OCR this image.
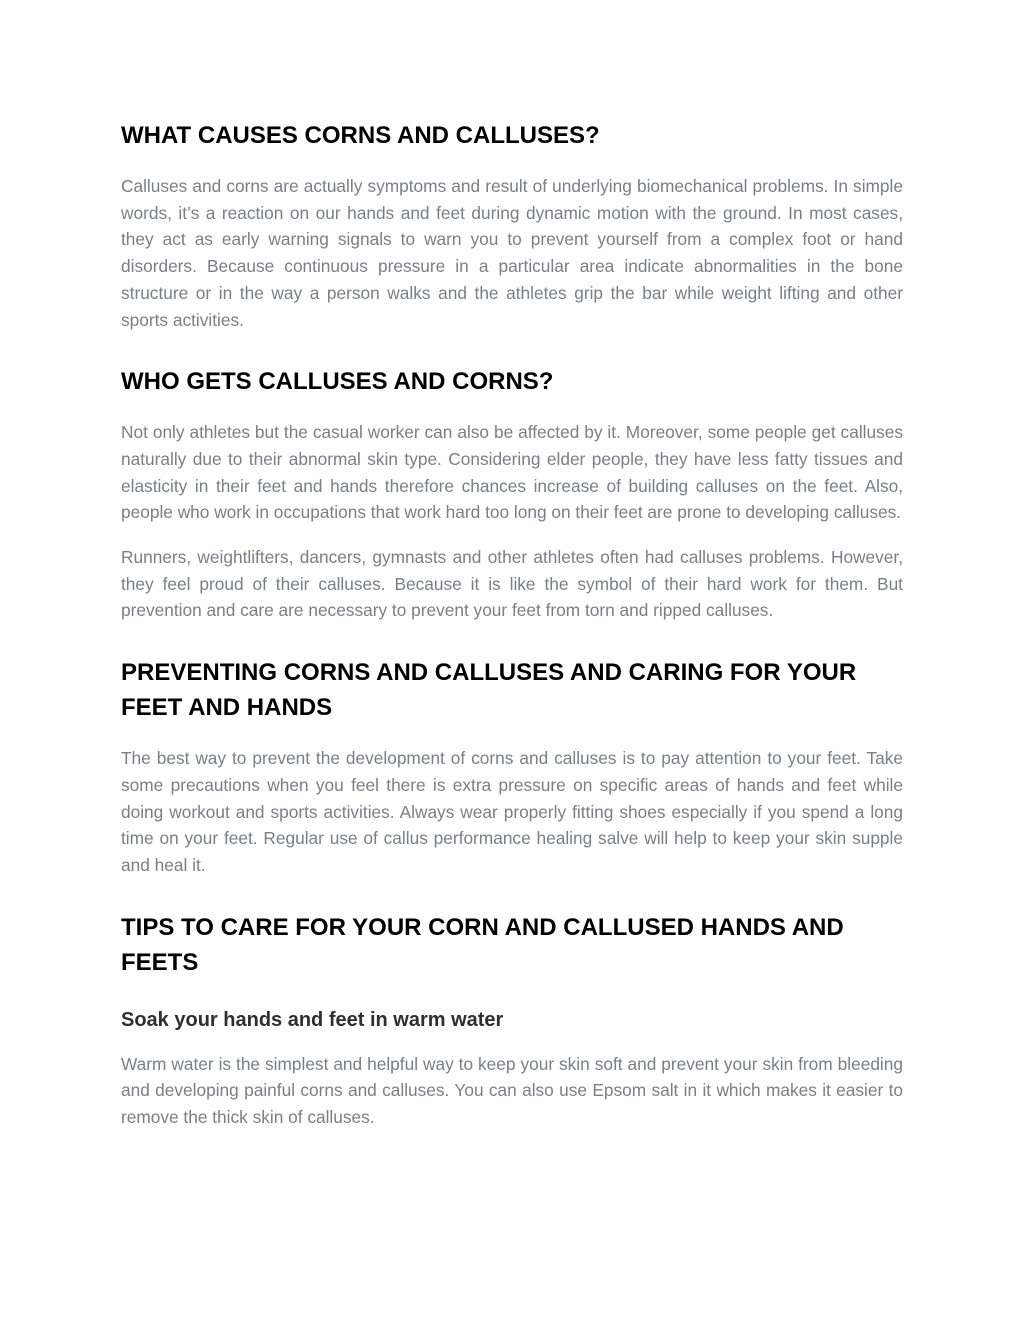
WHAT CAUSES CORNS AND CALLUSES?

Calluses and corns are actually symptoms and result of underlying biomechanical problems. In simple words, it’s a reaction on our hands and feet during dynamic motion with the ground. In most cases, they act as early warning signals to warn you to prevent yourself from a complex foot or hand disorders. Because continuous pressure in a particular area indicate abnormalities in the bone structure or in the way a person walks and the athletes grip the bar while weight lifting and other sports activities.

WHO GETS CALLUSES AND CORNS?

Not only athletes but the casual worker can also be affected by it. Moreover, some people get calluses naturally due to their abnormal skin type. Considering elder people, they have less fatty tissues and elasticity in their feet and hands therefore chances increase of building calluses on the feet. Also, people who work in occupations that work hard too long on their feet are prone to developing calluses.

Runners, weightlifters, dancers, gymnasts and other athletes often had calluses problems. However, they feel proud of their calluses. Because it is like the symbol of their hard work for them. But prevention and care are necessary to prevent your feet from torn and ripped calluses.

PREVENTING CORNS AND CALLUSES AND CARING FOR YOUR FEET AND HANDS

The best way to prevent the development of corns and calluses is to pay attention to your feet. Take some precautions when you feel there is extra pressure on specific areas of hands and feet while doing workout and sports activities. Always wear properly fitting shoes especially if you spend a long time on your feet. Regular use of callus performance healing salve will help to keep your skin supple and heal it.

TIPS TO CARE FOR YOUR CORN AND CALLUSED HANDS AND FEETS
Soak your hands and feet in warm water

Warm water is the simplest and helpful way to keep your skin soft and prevent your skin from bleeding and developing painful corns and calluses. You can also use Epsom salt in it which makes it easier to remove the thick skin of calluses.
